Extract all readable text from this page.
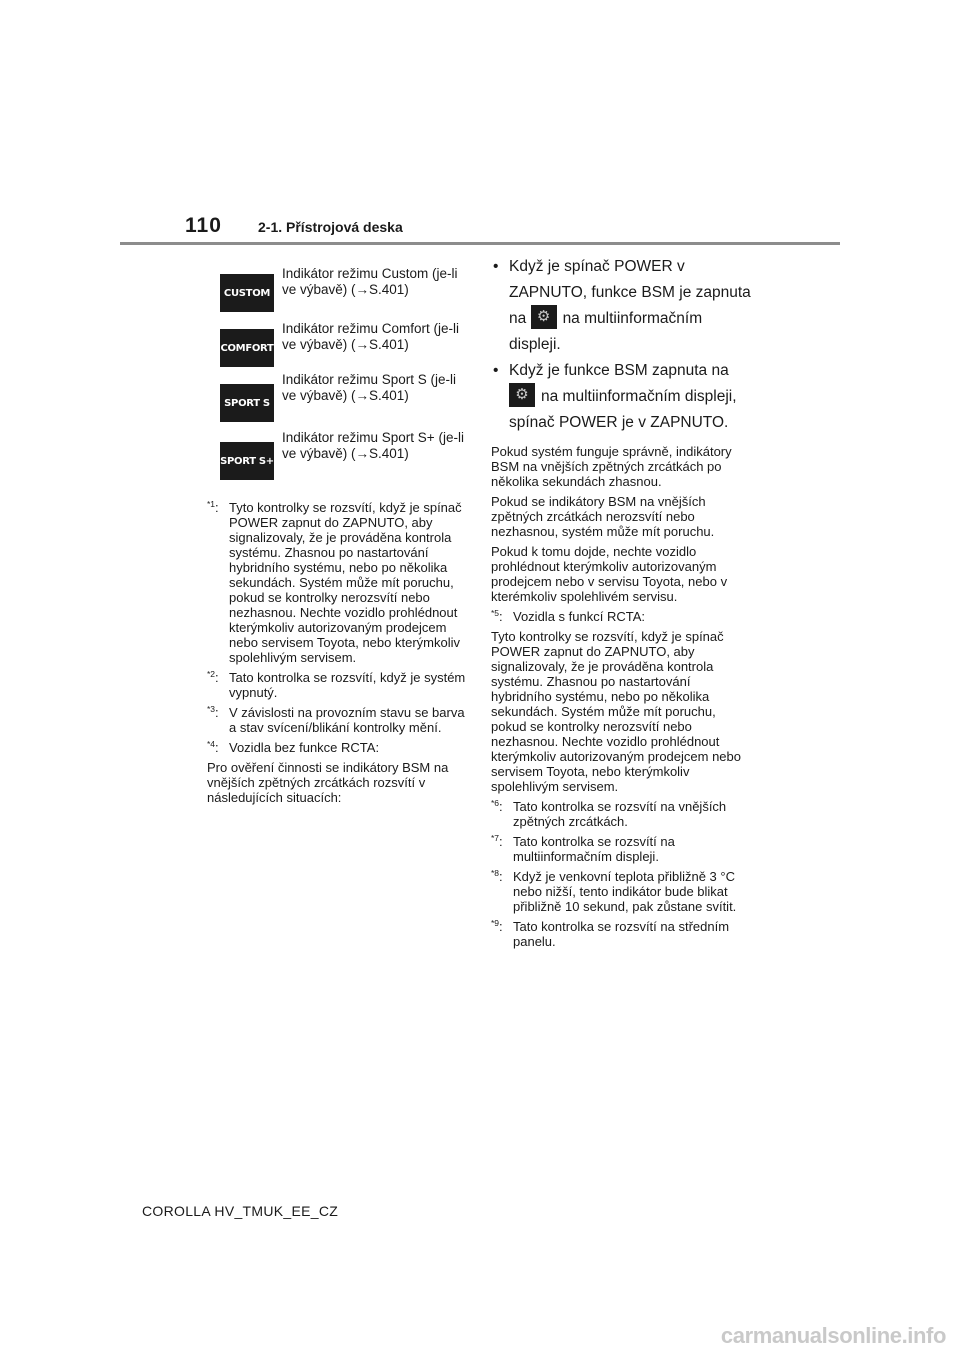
110	2-1. Přístrojová deska
CUSTOM
Indikátor režimu Custom (je-li ve výbavě) (→S.401)
COMFORT
Indikátor režimu Comfort (je-li ve výbavě) (→S.401)
SPORT S
Indikátor režimu Sport S (je-li ve výbavě) (→S.401)
SPORT S+
Indikátor režimu Sport S+ (je-li ve výbavě) (→S.401)
$^{*1}$: Tyto kontrolky se rozsvítí, když je spínač POWER zapnut do ZAPNUTO, aby signalizovaly, že je prováděna kontrola systému. Zhasnou po nastartování hybridního systému, nebo po několika sekundách. Systém může mít poruchu, pokud se kontrolky nerozsvítí nebo nezhasnou. Nechte vozidlo prohlédnout kterýmkoliv autorizovaným prodejcem nebo servisem Toyota, nebo kterýmkoliv spolehlivým servisem.
$^{*2}$: Tato kontrolka se rozsvítí, když je systém vypnutý.
$^{*3}$: V závislosti na provozním stavu se barva a stav svícení/blikání kontrolky mění.
$^{*4}$: Vozidla bez funkce RCTA:

Pro ověření činnosti se indikátory BSM na vnějších zpětných zrcátkách rozsvítí v následujících situacích:

• Když je spínač POWER v ZAPNUTO, funkce BSM je zapnuta na ⚙ na multiinformačním displeji.
• Když je funkce BSM zapnuta na
⚙ na multiinformačním displeji, spínač POWER je v ZAPNUTO.

Pokud systém funguje správně, indikátory BSM na vnějších zpětných zrcátkách po několika sekundách zhasnou.

Pokud se indikátory BSM na vnějších zpětných zrcátkách nerozsvítí nebo nezhasnou, systém může mít poruchu.

Pokud k tomu dojde, nechte vozidlo prohlédnout kterýmkoliv autorizovaným prodejcem nebo v servisu Toyota, nebo v kterémkoliv spolehlivém servisu.

$^{*5}$: Vozidla s funkcí RCTA:

Tyto kontrolky se rozsvítí, když je spínač POWER zapnut do ZAPNUTO, aby signalizovaly, že je prováděna kontrola systému. Zhasnou po nastartování hybridního systému, nebo po několika sekundách. Systém může mít poruchu, pokud se kontrolky nerozsvítí nebo nezhasnou. Nechte vozidlo prohlédnout kterýmkoliv autorizovaným prodejcem nebo servisem Toyota, nebo kterýmkoliv spolehlivým servisem.

$^{*6}$: Tato kontrolka se rozsvítí na vnějších zpětných zrcátkách.
$^{*7}$: Tato kontrolka se rozsvítí na multiinformačním displeji.
$^{*8}$: Když je venkovní teplota přibližně 3 °C nebo nižší, tento indikátor bude blikat přibližně 10 sekund, pak zůstane svítit.
$^{*9}$: Tato kontrolka se rozsvítí na středním panelu.
COROLLA HV_TMUK_EE_CZ
carmanualsonline.info
